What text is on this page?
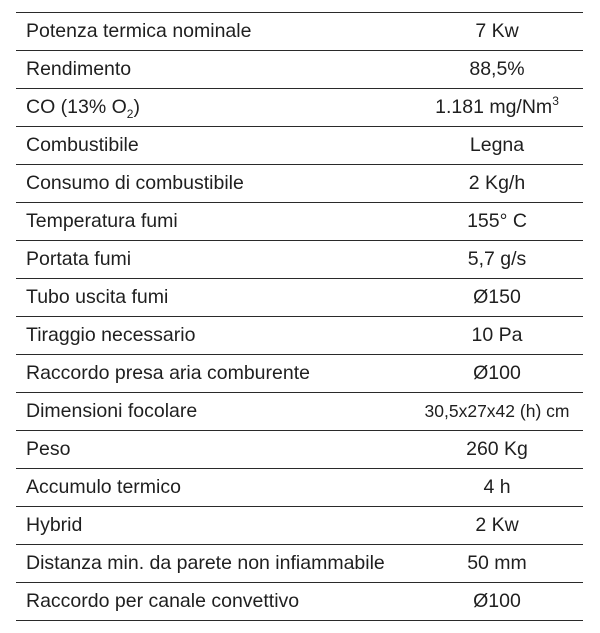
Potenza termica nominale	7 Kw
Rendimento	88,5%
CO (13% $O_2$)	1.181 mg/Nm$^3$
Combustibile	Legna
Consumo di combustibile	2 Kg/h
Temperatura fumi	155° C
Portata fumi	5,7 g/s
Tubo uscita fumi	Ø150
Tiraggio necessario	10 Pa
Raccordo presa aria comburente	Ø100
Dimensioni focolare	30,5x27x42 (h) cm
Peso	260 Kg
Accumulo termico	4 h
Hybrid	2 Kw
Distanza min. da parete non infiammabile	50 mm
Raccordo per canale convettivo	Ø100
